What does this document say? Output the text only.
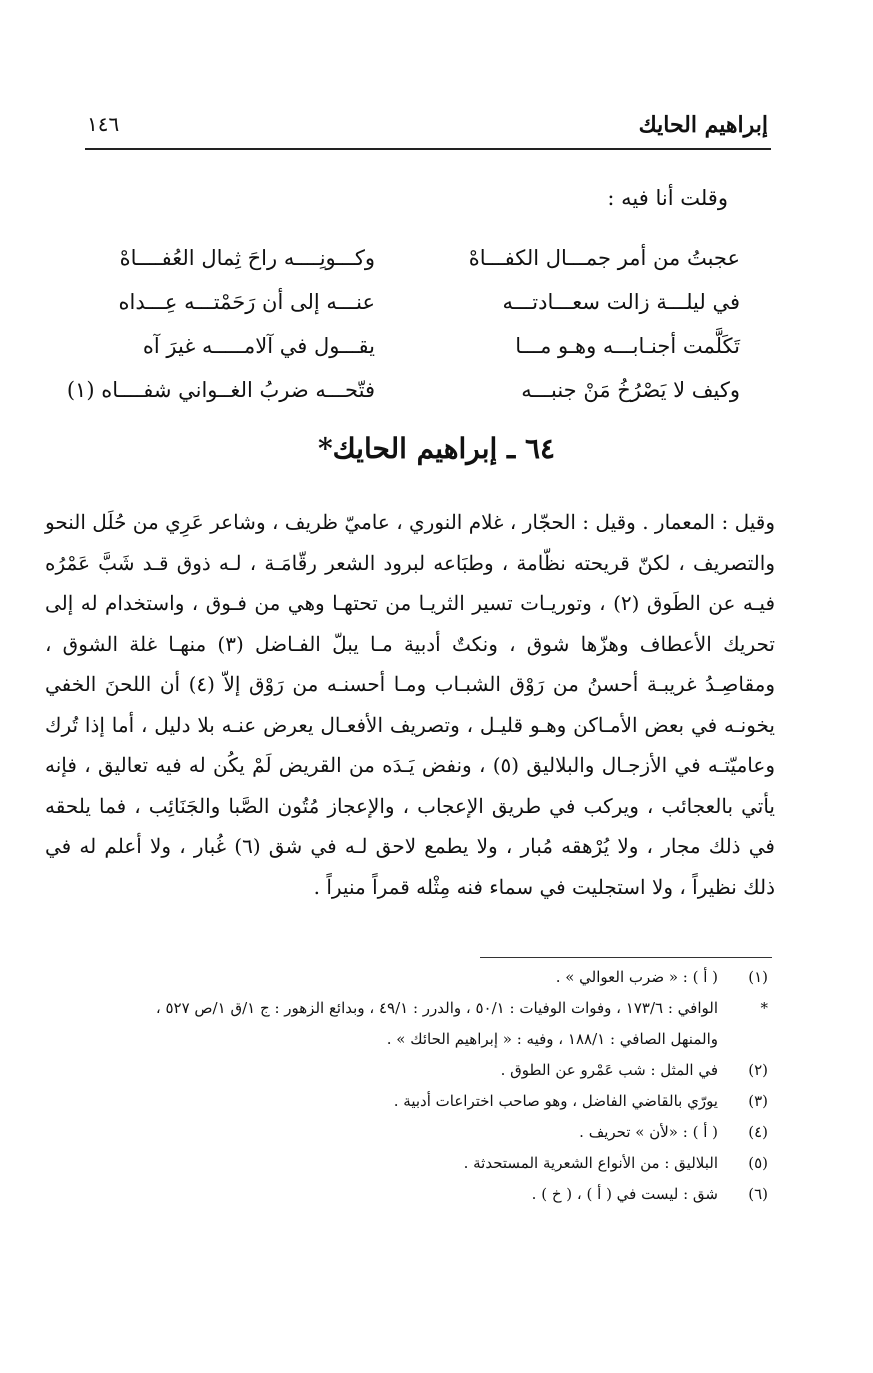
إبراهيم الحايك
١٤٦
وقلت أنا فيه :
عجبتُ من أمر جمـــال الكفـــاهْ
وكـــونِــــه راحَ ثِمال العُفــــاهْ
في ليلـــة زالت سعـــادتـــه
عنـــه إلى أن رَحَمْتـــه عِـــداه
تَكَلَّمت أجنـابـــه وهـو مـــا
يقـــول في آلامـــــه غيرَ آه
وكيف لا يَصْرُخُ مَنْ جنبـــه
فتّحـــه ضربُ الغــواني شفــــاه (١)
٦٤ ـ إبراهيم الحايك*
وقيل : المعمار . وقيل : الحجّار ، غلام النوري ، عاميّ ظريف ، وشاعر عَرِي من حُلَل النحو والتصريف ، لكنّ قريحته نظّامة ، وطبَاعه لبرود الشعر رقّامَـة ، لـه ذوق قـد شَبَّ عَمْرُه فيـه عن الطَوق (٢) ، وتوريـات تسير الثريـا من تحتهـا وهي من فـوق ، واستخدام له إلى تحريك الأعطاف وهزّها شوق ، ونكتٌ أدبية مـا يبلّ الفـاضل (٣) منهـا غلة الشوق ، ومقاصِـدُ غريبـة أحسنُ من رَوْق الشبـاب ومـا أحسنـه من رَوْق إلاّ (٤) أن اللحنَ الخفي يخونـه في بعض الأمـاكن وهـو قليـل ، وتصريف الأفعـال يعرض عنـه بلا دليل ، أما إذا تُرك وعاميّتـه في الأزجـال والبلاليق (٥) ، ونفض يَـدَه من القريض لَمْ يكُن له فيه تعاليق ، فإنه يأتي بالعجائب ، ويركب في طريق الإعجاب ، والإعجاز مُتُون الصَّبا والجَنَائِب ، فما يلحقه في ذلك مجار ، ولا يُرْهقه مُبار ، ولا يطمع لاحق لـه في شق (٦) غُبار ، ولا أعلم له في ذلك نظيراً ، ولا استجليت في سماء فنه مِثْله قمراً منيراً .
(١)
( أ ) : « ضرب العوالي » .
*
الوافي : ١٧٣/٦ ، وفوات الوفيات : ٥٠/١ ، والدرر : ٤٩/١ ، وبدائع الزهور : ج ١/ق ١/ص ٥٢٧ ،
والمنهل الصافي : ١٨٨/١ ، وفيه : « إبراهيم الحائك » .
(٢)
في المثل : شب عَمْرو عن الطوق .
(٣)
يورّي بالقاضي الفاضل ، وهو صاحب اختراعات أدبية .
(٤)
( أ ) : «لأن » تحريف .
(٥)
البلاليق : من الأنواع الشعرية المستحدثة .
(٦)
شق : ليست في ( أ ) ، ( خ ) .
